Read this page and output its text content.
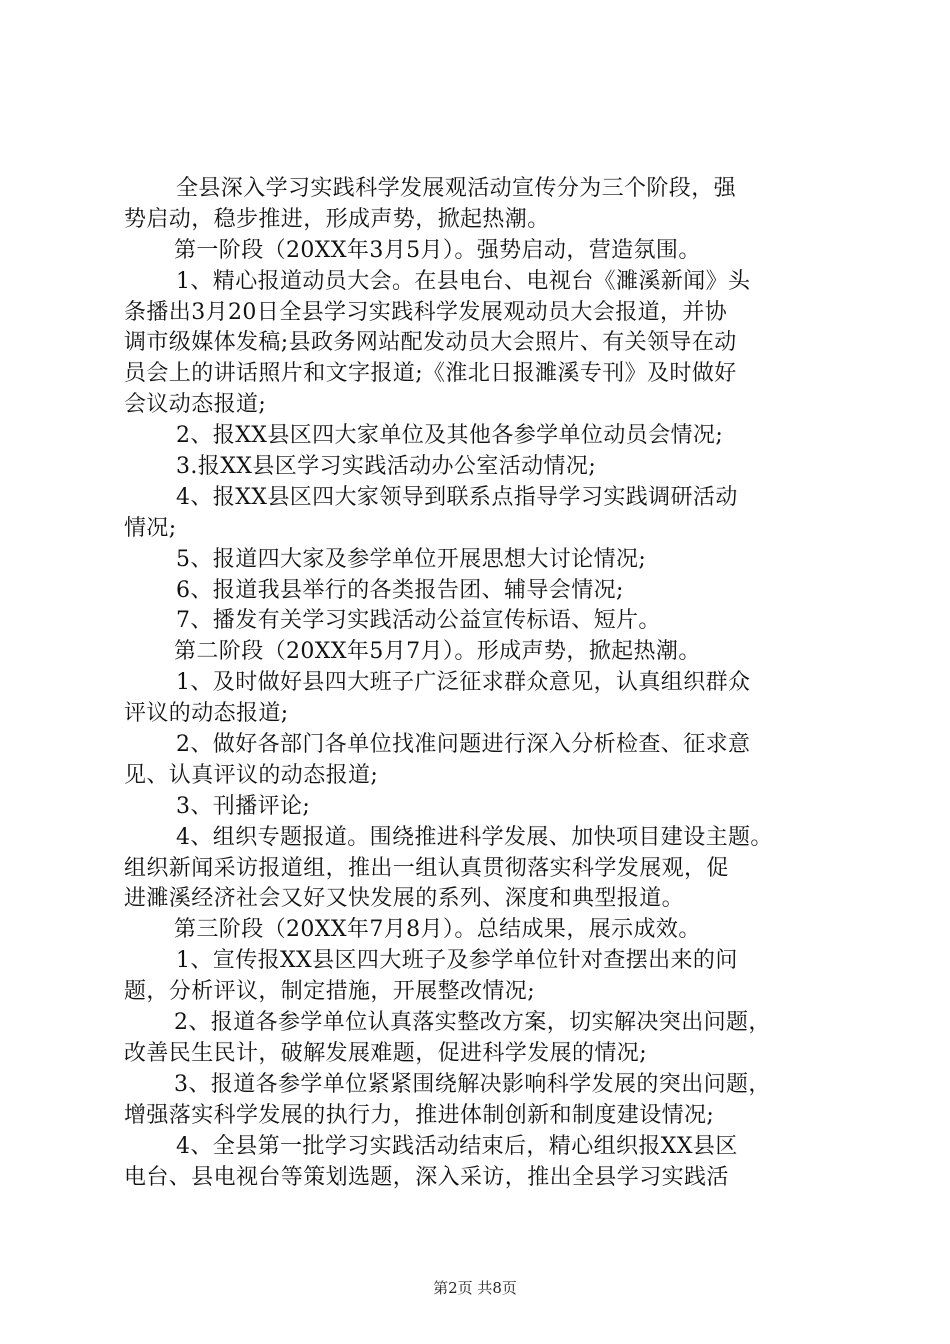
全县深入学习实践科学发展观活动宣传分为三个阶段，强
势启动，稳步推进，形成声势，掀起热潮。
第一阶段（20XX年3月5月）。强势启动，营造氛围。
1、精心报道动员大会。在县电台、电视台《濉溪新闻》头
条播出3月20日全县学习实践科学发展观动员大会报道，并协
调市级媒体发稿;县政务网站配发动员大会照片、有关领导在动
员会上的讲话照片和文字报道;《淮北日报濉溪专刊》及时做好
会议动态报道;
2、报XX县区四大家单位及其他各参学单位动员会情况;
3.报XX县区学习实践活动办公室活动情况;
4、报XX县区四大家领导到联系点指导学习实践调研活动
情况;
5、报道四大家及参学单位开展思想大讨论情况;
6、报道我县举行的各类报告团、辅导会情况;
7、播发有关学习实践活动公益宣传标语、短片。
第二阶段（20XX年5月7月）。形成声势，掀起热潮。
1、及时做好县四大班子广泛征求群众意见，认真组织群众
评议的动态报道;
2、做好各部门各单位找准问题进行深入分析检查、征求意
见、认真评议的动态报道;
3、刊播评论;
4、组织专题报道。围绕推进科学发展、加快项目建设主题。
组织新闻采访报道组，推出一组认真贯彻落实科学发展观，促
进濉溪经济社会又好又快发展的系列、深度和典型报道。
第三阶段（20XX年7月8月）。总结成果，展示成效。
1、宣传报XX县区四大班子及参学单位针对查摆出来的问
题，分析评议，制定措施，开展整改情况;
2、报道各参学单位认真落实整改方案，切实解决突出问题，
改善民生民计，破解发展难题，促进科学发展的情况;
3、报道各参学单位紧紧围绕解决影响科学发展的突出问题，
增强落实科学发展的执行力，推进体制创新和制度建设情况;
4、全县第一批学习实践活动结束后，精心组织报XX县区
电台、县电视台等策划选题，深入采访，推出全县学习实践活
第2页 共8页
